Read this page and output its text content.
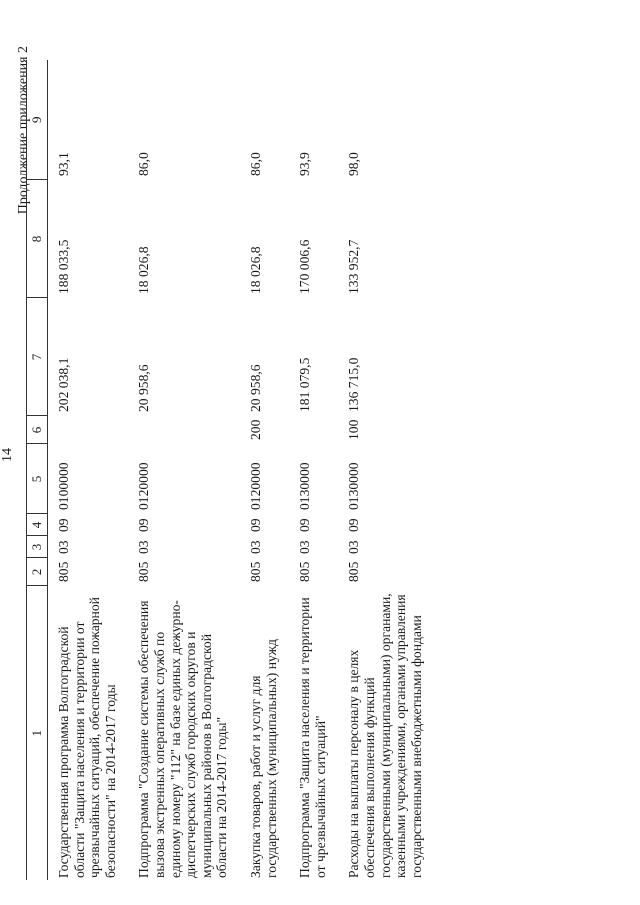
14
Продолжение приложения 2
1	2	3	4	5	6	7	8	9
Государственная программа Волгоградской области "Защита населения и территории от чрезвычайных ситуаций, обеспечение пожарной безопасности" на 2014-2017 годы	805	03	09	0100000		202 038,1	188 033,5	93,1
Подпрограмма "Создание системы обеспечения вызова экстренных оперативных служб по единому номеру "112" на базе единых дежурно-диспетчерских служб городских округов и муниципальных районов в Волгоградской области на 2014-2017 годы"	805	03	09	0120000		20 958,6	18 026,8	86,0
Закупка товаров, работ и услуг для государственных (муниципальных) нужд	805	03	09	0120000	200	20 958,6	18 026,8	86,0
Подпрограмма "Защита населения и территории от чрезвычайных ситуаций"	805	03	09	0130000		181 079,5	170 006,6	93,9
Расходы на выплаты персоналу в целях обеспечения выполнения функций государственными (муниципальными) органами, казенными учреждениями, органами управления государственными внебюджетными фондами	805	03	09	0130000	100	136 715,0	133 952,7	98,0
